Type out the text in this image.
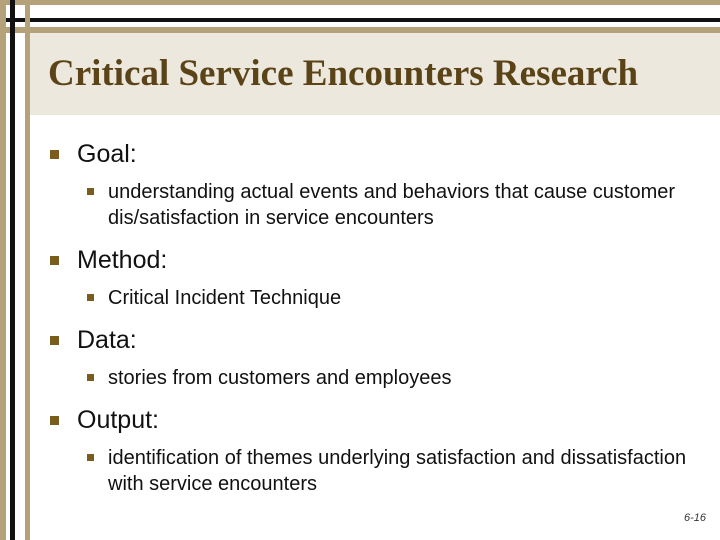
Critical Service Encounters Research
Goal:
understanding actual events and behaviors that cause customer dis/satisfaction in service encounters
Method:
Critical Incident Technique
Data:
stories from customers and employees
Output:
identification of themes underlying satisfaction and dissatisfaction with service encounters
6-16
